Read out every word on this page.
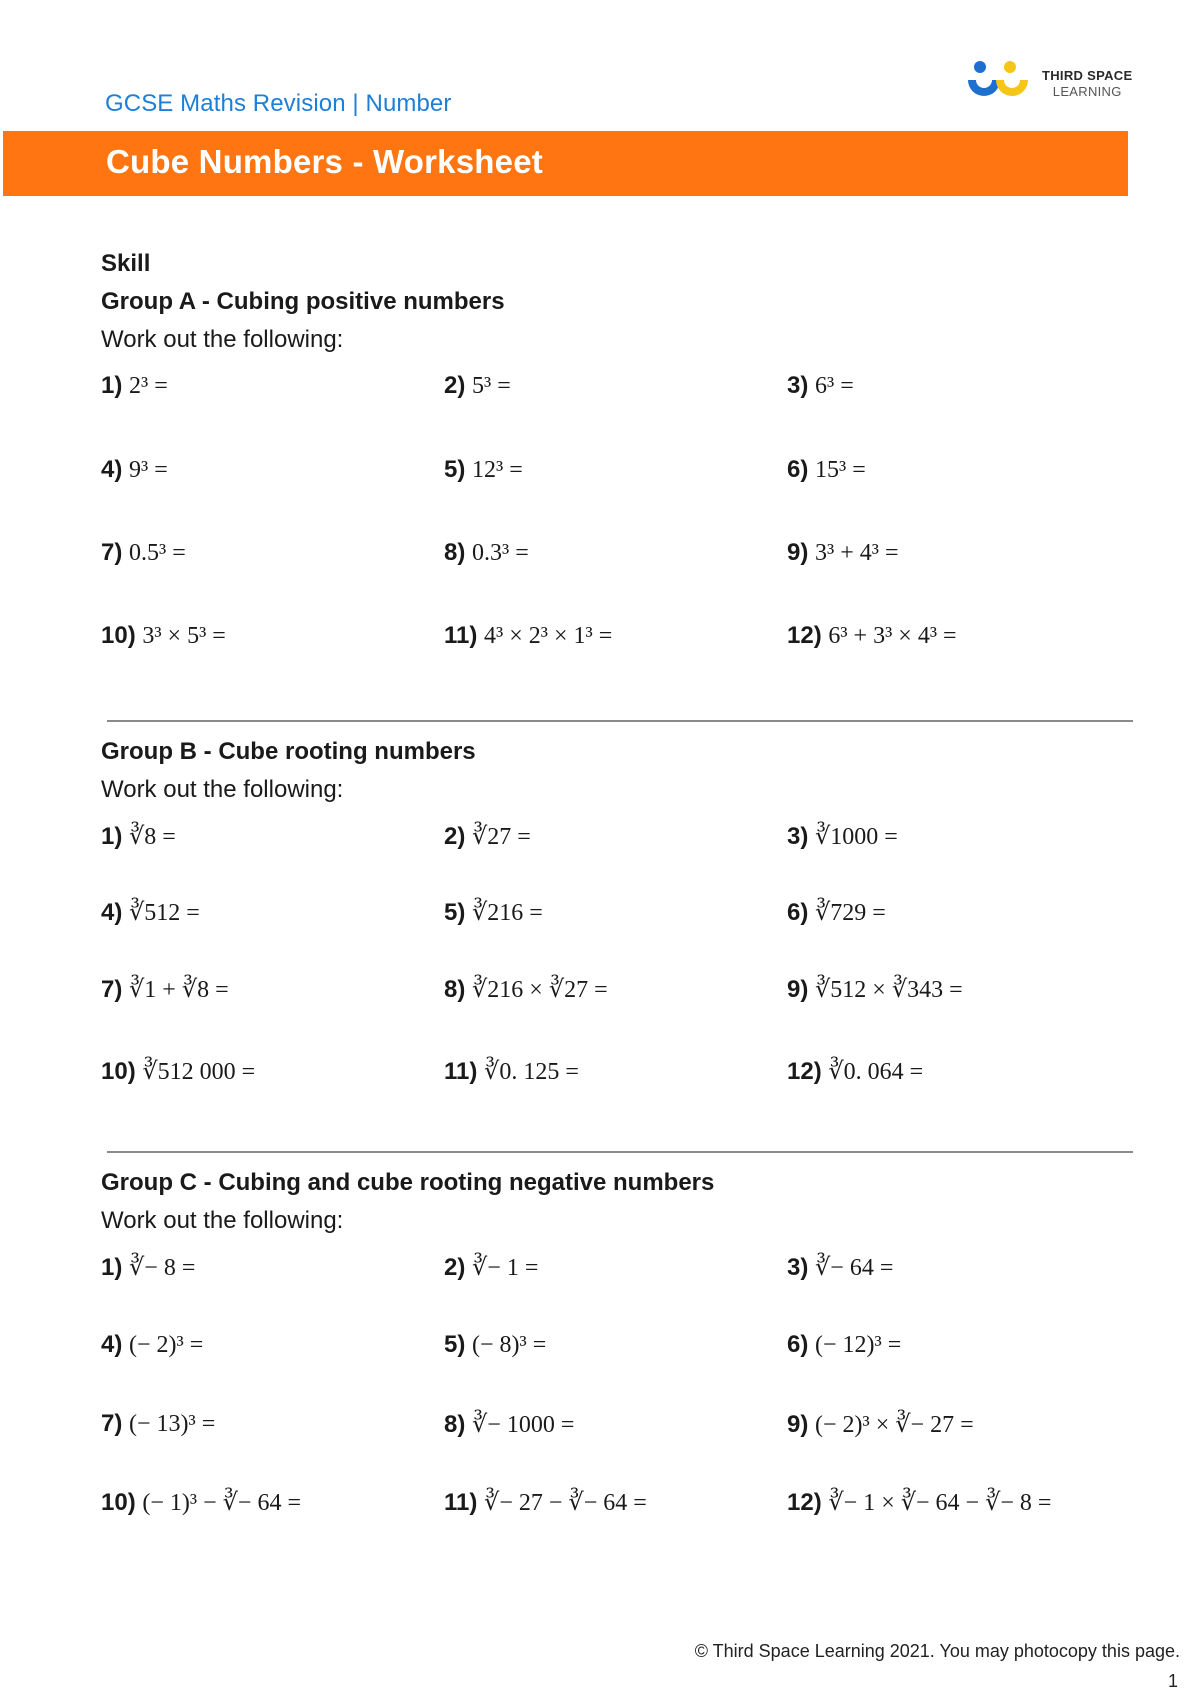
GCSE Maths Revision | Number
THIRD SPACE
LEARNING
Cube Numbers - Worksheet
Skill
Group A - Cubing positive numbers
Work out the following:
1) 2³ =	2) 5³ =	3) 6³ =
4) 9³ =	5) 12³ =	6) 15³ =
7) 0.5³ =	8) 0.3³ =	9) 3³ + 4³ =
10) 3³ × 5³ =	11) 4³ × 2³ × 1³ =	12) 6³ + 3³ × 4³ =
Group B - Cube rooting numbers
Work out the following:
1) ∛8 =	2) ∛27 =	3) ∛1000 =
4) ∛512 =	5) ∛216 =	6) ∛729 =
7) ∛1 + ∛8 =	8) ∛216 × ∛27 =	9) ∛512 × ∛343 =
10) ∛512 000 =	11) ∛0. 125 =	12) ∛0. 064 =
Group C - Cubing and cube rooting negative numbers
Work out the following:
1) ∛− 8 =	2) ∛− 1 =	3) ∛− 64 =
4) (− 2)³ =	5) (− 8)³ =	6) (− 12)³ =
7) (− 13)³ =	8) ∛− 1000 =	9) (− 2)³ × ∛− 27 =
10) (− 1)³ − ∛− 64 =	11) ∛− 27 − ∛− 64 =	12) ∛− 1 × ∛− 64 − ∛− 8 =
© Third Space Learning 2021. You may photocopy this page.
1
